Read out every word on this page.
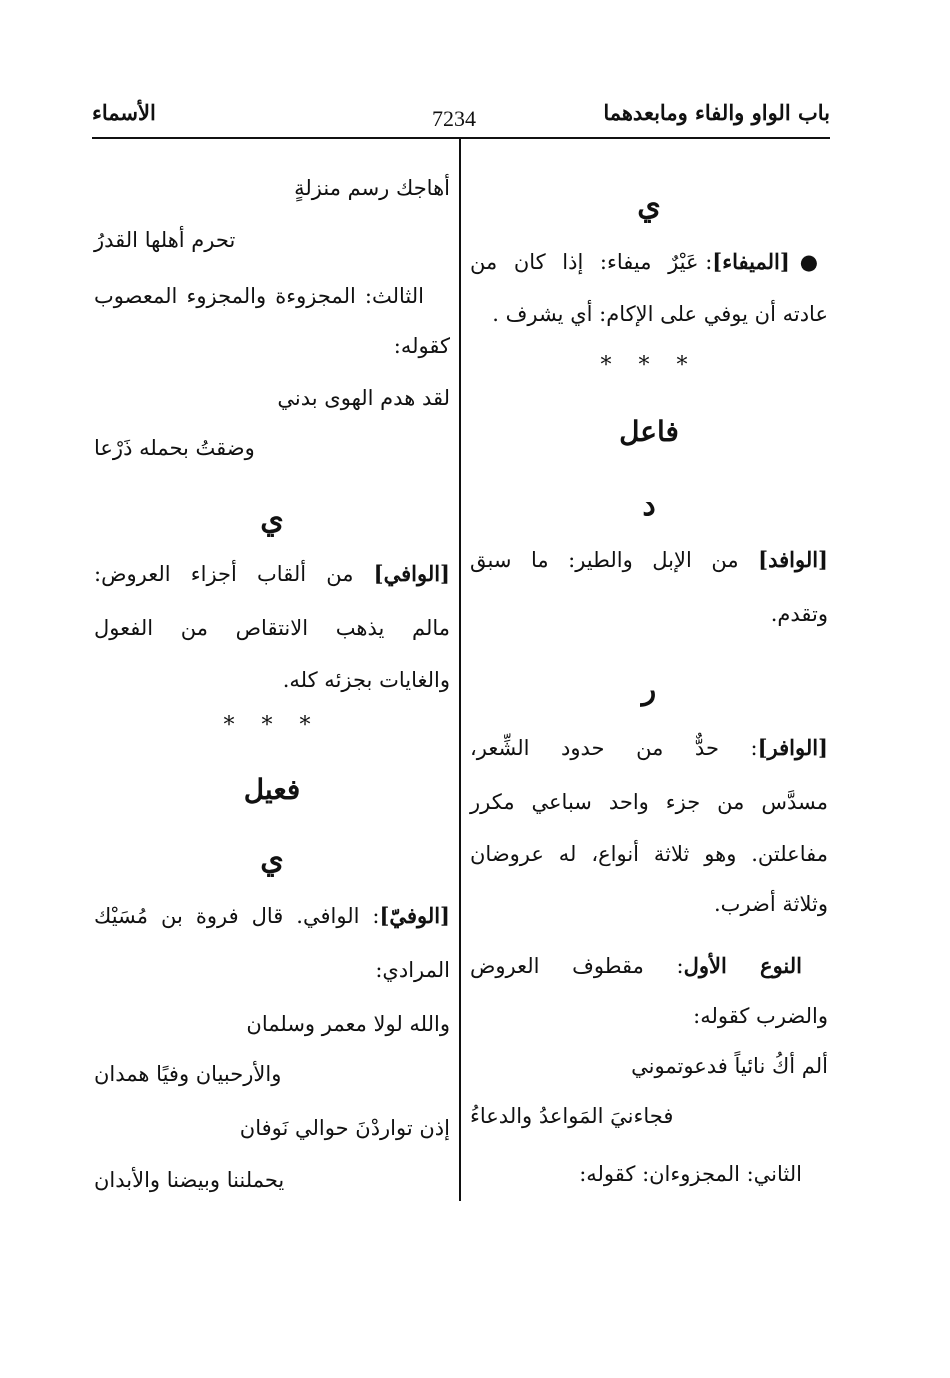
باب الواو والفاء ومابعدهما
7234
الأسماء
ي
●[الميفاء]: عَيْرٌ ميفاء: إذا كان من
عادته أن يوفي على الإكام: أي يشرف .
* * *
فاعل
د
[الوافد] من الإبل والطير: ما سبق
وتقدم.
ر
[الوافر]: حدٌّ من حدود الشِّعر،
مسدَّس من جزء واحد سباعي مكرر
مفاعلتن. وهو ثلاثة أنواع، له عروضان
وثلاثة أضرب.
النوع الأول: مقطوف العروض
والضرب كقوله:
ألم أكُ نائياً فدعوتموني
فجاءنيَ المَواعدُ والدعاءُ
الثاني: المجزوءان: كقوله:
أهاجك رسم منزلةٍ
تحرم أهلها القدرُ
الثالث: المجزوءة والمجزوء المعصوب
كقوله:
لقد هدم الهوى بدني
وضقتُ بحمله ذَرْعا
ي
[الوافي] من ألقاب أجزاء العروض:
مالم يذهب الانتقاص من الفعول
والغايات بجزئه كله.
* * *
فعيل
ي
[الوفيّ]: الوافي. قال فروة بن مُسَيْك
المرادي:
والله لولا معمر وسلمان
والأرحبيان وفيًا همدان
إذن تواردْنَ حوالي نَوفان
يحملننا وبيضنا والأبدان
